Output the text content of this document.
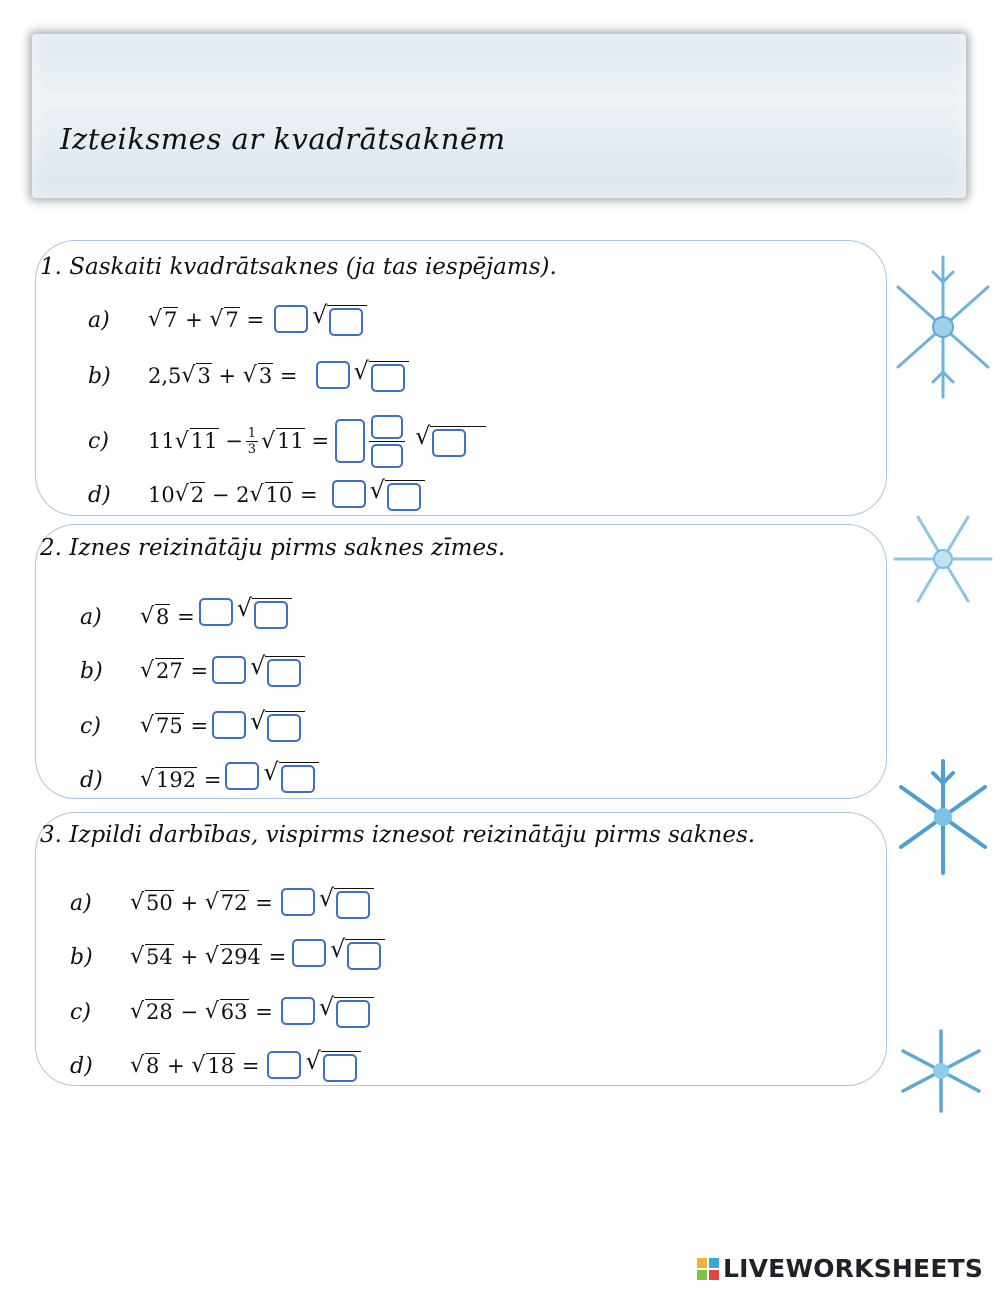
Izteiksmes ar kvadrātsaknēm
1. Saskaiti kvadrātsaknes (ja tas iespējams).
a)	√ 7
+
√ 7
= √
b)	2,5 √ 3
+
√ 3
= √
c)	11 √ 11
− $\frac{1}{3}$ √ 11
=	√
d)	10 √ 2
−
2 √ 10
= √
2. Iznes reizinātāju pirms saknes zīmes.
a)	√ 8
= √
b)	√ 27
= √
c)	√ 75
= √
d)	√ 192
= √
3. Izpildi darbības, vispirms iznesot reizinātāju pirms saknes.
a)	√ 50
+
√ 72
= √
b)	√ 54
+
√ 294
= √
c)	√ 28
−
√ 63
= √
d)	√ 8
+
√ 18
= √
LIVEWORKSHEETS
